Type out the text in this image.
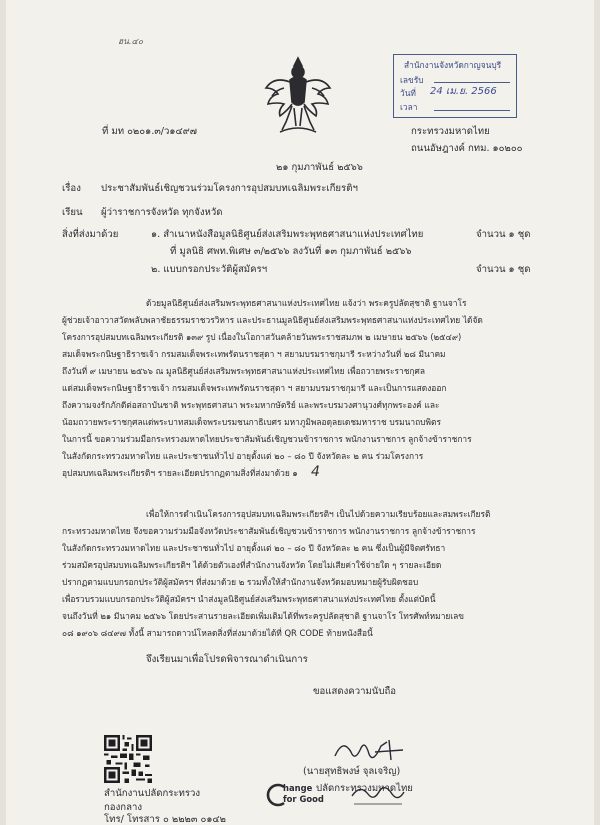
ฮน.๔๐
สำนักงานจังหวัดกาญจนบุรี
เลขรับ
วันที่ 24 เม.ย. 2566
เวลา
ที่ มท ๐๒๐๑.๓/ว๑๔๙๗	กระทรวงมหาดไทย
ถนนอัษฎางค์ กทม. ๑๐๒๐๐
๒๑ กุมภาพันธ์ ๒๕๖๖
เรื่อง ประชาสัมพันธ์เชิญชวนร่วมโครงการอุปสมบทเฉลิมพระเกียรติฯ
เรียน ผู้ว่าราชการจังหวัด ทุกจังหวัด
สิ่งที่ส่งมาด้วย	๑. สำเนาหนังสือมูลนิธิศูนย์ส่งเสริมพระพุทธศาสนาแห่งประเทศไทย	จำนวน ๑ ชุด
ที่ มูลนิธิ ศพท.พิเศษ ๓/๒๕๖๖ ลงวันที่ ๑๓ กุมภาพันธ์ ๒๕๖๖
๒. แบบกรอกประวัติผู้สมัครฯ	จำนวน ๑ ชุด
ด้วยมูลนิธิศูนย์ส่งเสริมพระพุทธศาสนาแห่งประเทศไทย แจ้งว่า พระครูปลัดสุชาติ ฐานจาโร
ผู้ช่วยเจ้าอาวาสวัดพลับพลาชัยธรรมราชวรวิหาร และประธานมูลนิธิศูนย์ส่งเสริมพระพุทธศาสนาแห่งประเทศไทย ได้จัด
โครงการอุปสมบทเฉลิมพระเกียรติ ๑๓๙ รูป เนื่องในโอกาสวันคล้ายวันพระราชสมภพ ๒ เมษายน ๒๕๖๖ (๒๕๔๙)
สมเด็จพระกนิษฐาธิราชเจ้า กรมสมเด็จพระเทพรัตนราชสุดา ฯ สยามบรมราชกุมารี ระหว่างวันที่ ๒๘ มีนาคม
ถึงวันที่ ๙ เมษายน ๒๕๖๖ ณ มูลนิธิศูนย์ส่งเสริมพระพุทธศาสนาแห่งประเทศไทย เพื่อถวายพระราชกุศล
แด่สมเด็จพระกนิษฐาธิราชเจ้า กรมสมเด็จพระเทพรัตนราชสุดา ฯ สยามบรมราชกุมารี และเป็นการแสดงออก
ถึงความจงรักภักดีต่อสถาบันชาติ พระพุทธศาสนา พระมหากษัตริย์ และพระบรมวงศานุวงศ์ทุกพระองค์ และ
น้อมถวายพระราชกุศลแด่พระบาทสมเด็จพระบรมชนกาธิเบศร มหาภูมิพลอดุลยเดชมหาราช บรมนาถบพิตร
ในการนี้ ขอความร่วมมือกระทรวงมหาดไทยประชาสัมพันธ์เชิญชวนข้าราชการ พนักงานราชการ ลูกจ้างข้าราชการ
ในสังกัดกระทรวงมหาดไทย และประชาชนทั่วไป อายุตั้งแต่ ๒๐ – ๘๐ ปี จังหวัดละ ๒ คน ร่วมโครงการ
อุปสมบทเฉลิมพระเกียรติฯ รายละเอียดปรากฏตามสิ่งที่ส่งมาด้วย ๑ 4
เพื่อให้การดำเนินโครงการอุปสมบทเฉลิมพระเกียรติฯ เป็นไปด้วยความเรียบร้อยและสมพระเกียรติ
กระทรวงมหาดไทย จึงขอความร่วมมือจังหวัดประชาสัมพันธ์เชิญชวนข้าราชการ พนักงานราชการ ลูกจ้างข้าราชการ
ในสังกัดกระทรวงมหาดไทย และประชาชนทั่วไป อายุตั้งแต่ ๒๐ – ๘๐ ปี จังหวัดละ ๒ คน ซึ่งเป็นผู้มีจิตศรัทธา
ร่วมสมัครอุปสมบทเฉลิมพระเกียรติฯ ได้ด้วยตัวเองที่สำนักงานจังหวัด โดยไม่เสียค่าใช้จ่ายใด ๆ รายละเอียด
ปรากฏตามแบบกรอกประวัติผู้สมัครฯ ที่ส่งมาด้วย ๒ รวมทั้งให้สำนักงานจังหวัดมอบหมายผู้รับผิดชอบ
เพื่อรวบรวมแบบกรอกประวัติผู้สมัครฯ นำส่งมูลนิธิศูนย์ส่งเสริมพระพุทธศาสนาแห่งประเทศไทย ตั้งแต่บัดนี้
จนถึงวันที่ ๒๑ มีนาคม ๒๕๖๖ โดยประสานรายละเอียดเพิ่มเติมได้ที่พระครูปลัดสุชาติ ฐานจาโร โทรศัพท์หมายเลข
๐๘ ๑๙๐๖ ๘๔๙๗ ทั้งนี้ สามารถดาวน์โหลดสิ่งที่ส่งมาด้วยได้ที่ QR CODE ท้ายหนังสือนี้
จึงเรียนมาเพื่อโปรดพิจารณาดำเนินการ
ขอแสดงความนับถือ
(นายสุทธิพงษ์ จุลเจริญ)
ปลัดกระทรวงมหาดไทย
สำนักงานปลัดกระทรวง
กองกลาง
โทร/ โทรสาร ๐ ๒๒๒๓ ๐๑๔๒
hange
for Good
